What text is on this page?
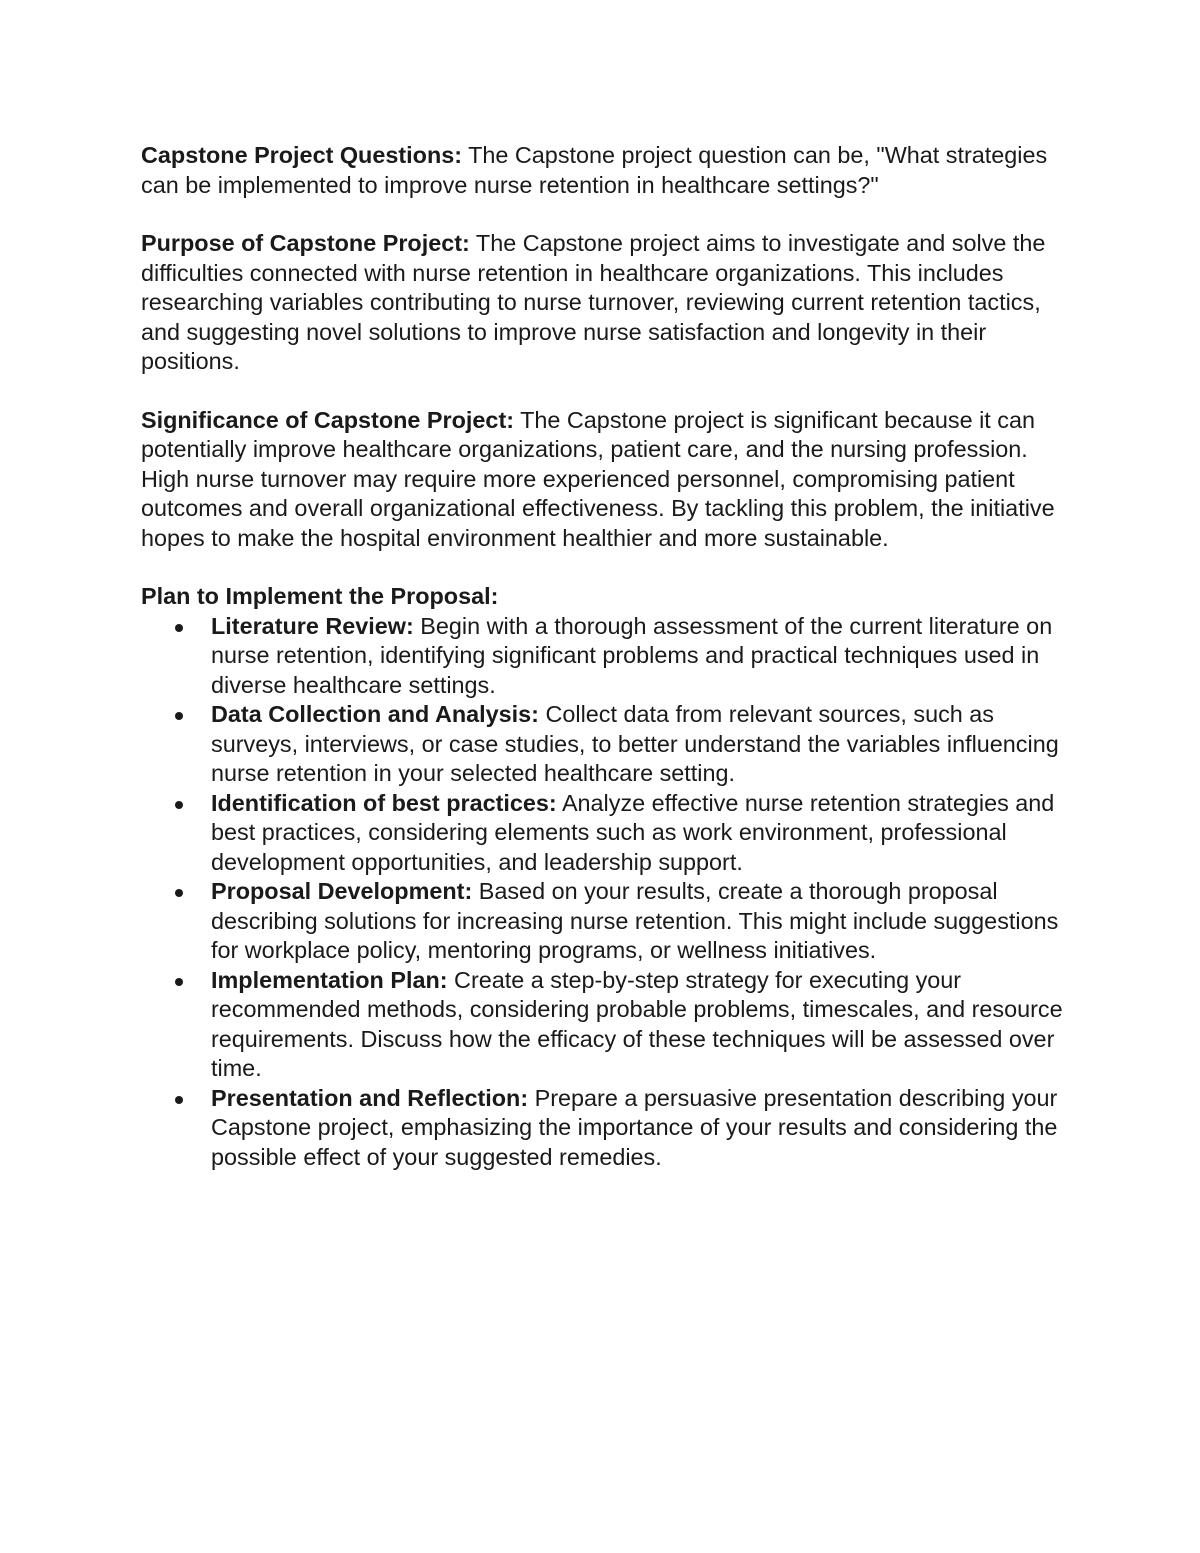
Capstone Project Questions: The Capstone project question can be, "What strategies can be implemented to improve nurse retention in healthcare settings?"

Purpose of Capstone Project: The Capstone project aims to investigate and solve the difficulties connected with nurse retention in healthcare organizations. This includes researching variables contributing to nurse turnover, reviewing current retention tactics, and suggesting novel solutions to improve nurse satisfaction and longevity in their positions.

Significance of Capstone Project: The Capstone project is significant because it can potentially improve healthcare organizations, patient care, and the nursing profession. High nurse turnover may require more experienced personnel, compromising patient outcomes and overall organizational effectiveness. By tackling this problem, the initiative hopes to make the hospital environment healthier and more sustainable.

Plan to Implement the Proposal:

Literature Review: Begin with a thorough assessment of the current literature on nurse retention, identifying significant problems and practical techniques used in diverse healthcare settings.
Data Collection and Analysis: Collect data from relevant sources, such as surveys, interviews, or case studies, to better understand the variables influencing nurse retention in your selected healthcare setting.
Identification of best practices: Analyze effective nurse retention strategies and best practices, considering elements such as work environment, professional development opportunities, and leadership support.
Proposal Development: Based on your results, create a thorough proposal describing solutions for increasing nurse retention. This might include suggestions for workplace policy, mentoring programs, or wellness initiatives.
Implementation Plan: Create a step-by-step strategy for executing your recommended methods, considering probable problems, timescales, and resource requirements. Discuss how the efficacy of these techniques will be assessed over time.
Presentation and Reflection: Prepare a persuasive presentation describing your Capstone project, emphasizing the importance of your results and considering the possible effect of your suggested remedies.
